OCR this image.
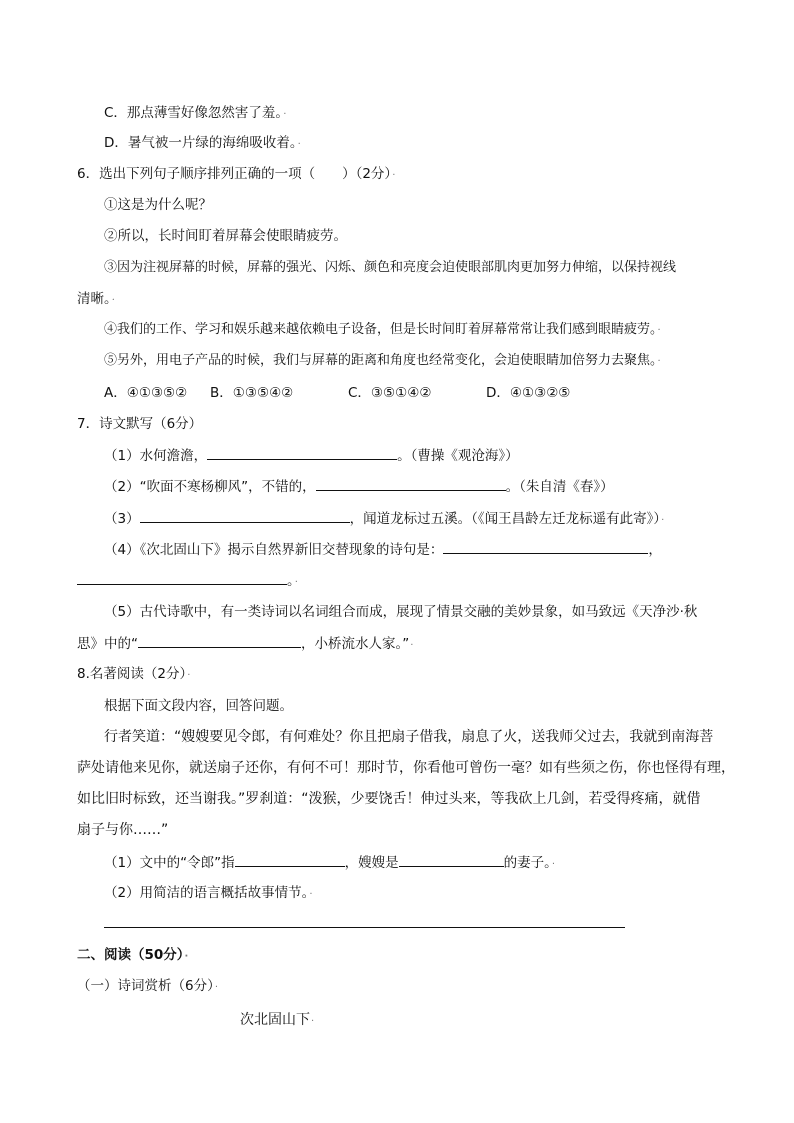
C．那点薄雪好像忽然害了羞。·
D．暑气被一片绿的海绵吸收着。·
6．选出下列句子顺序排列正确的一项（　　）（2分）·
①这是为什么呢？
②所以，长时间盯着屏幕会使眼睛疲劳。
③因为注视屏幕的时候，屏幕的强光、闪烁、颜色和亮度会迫使眼部肌肉更加努力伸缩，以保持视线
清晰。·
④我们的工作、学习和娱乐越来越依赖电子设备，但是长时间盯着屏幕常常让我们感到眼睛疲劳。·
⑤另外，用电子产品的时候，我们与屏幕的距离和角度也经常变化，会迫使眼睛加倍努力去聚焦。·
A．④①③⑤② B．①③⑤④②	C．③⑤①④②	D．④①③②⑤
7．诗文默写（6分）
（1）水何澹澹，	。（曹操《观沧海》）
（2）“吹面不寒杨柳风”，不错的，	。（朱自清《春》）
（3）	，闻道龙标过五溪。（《闻王昌龄左迁龙标遥有此寄》）·
（4）《次北固山下》揭示自然界新旧交替现象的诗句是：	，
。·
（5）古代诗歌中，有一类诗词以名词组合而成，展现了情景交融的美妙景象，如马致远《天净沙·秋
思》中的“	，小桥流水人家。”·
8.名著阅读（2分）·
根据下面文段内容，回答问题。
行者笑道：“嫂嫂要见令郎，有何难处？你且把扇子借我，扇息了火，送我师父过去，我就到南海菩
萨处请他来见你，就送扇子还你，有何不可！那时节，你看他可曾伤一毫？如有些须之伤，你也怪得有理，
如比旧时标致，还当谢我。”罗刹道：“泼猴，少要饶舌！伸过头来，等我砍上几剑，若受得疼痛，就借
扇子与你……”
（1）文中的“令郎”指	，嫂嫂是	的妻子。·
（2）用简洁的语言概括故事情节。·
二、阅读（50分）·
（一）诗词赏析（6分）·
次北固山下·
